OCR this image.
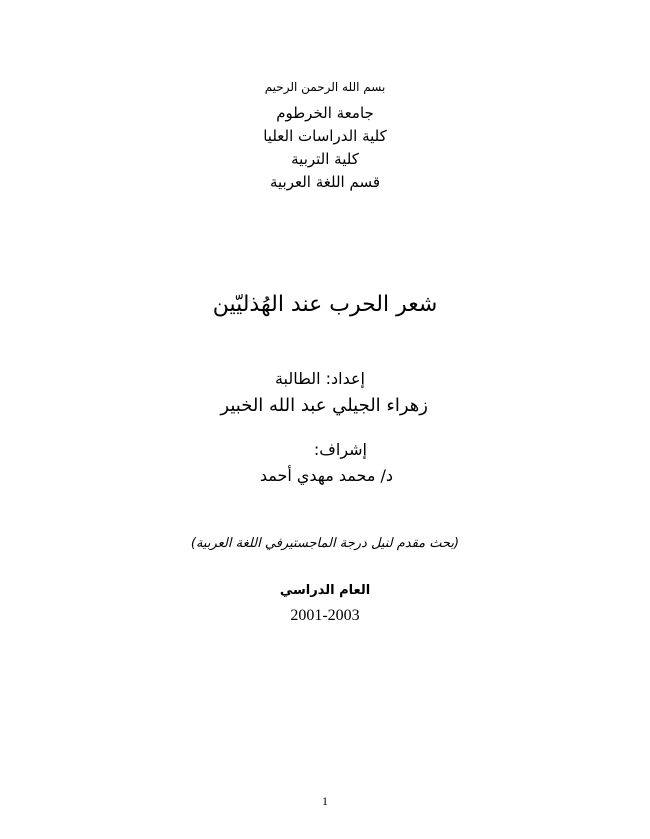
بسم الله الرحمن الرحيم
جامعة الخرطوم
كلية الدراسات العليا
كلية التربية
قسم اللغة العربية
شعر الحرب عند الهُذليّين
إعداد: الطالبة
زهراء الجيلي عبد الله الخبير
إشراف:
د/ محمد مهدي أحمد
(بحث مقدم لنيل درجة الماجستيرفي اللغة العربية)
العام الدراسي
2001-2003
1
